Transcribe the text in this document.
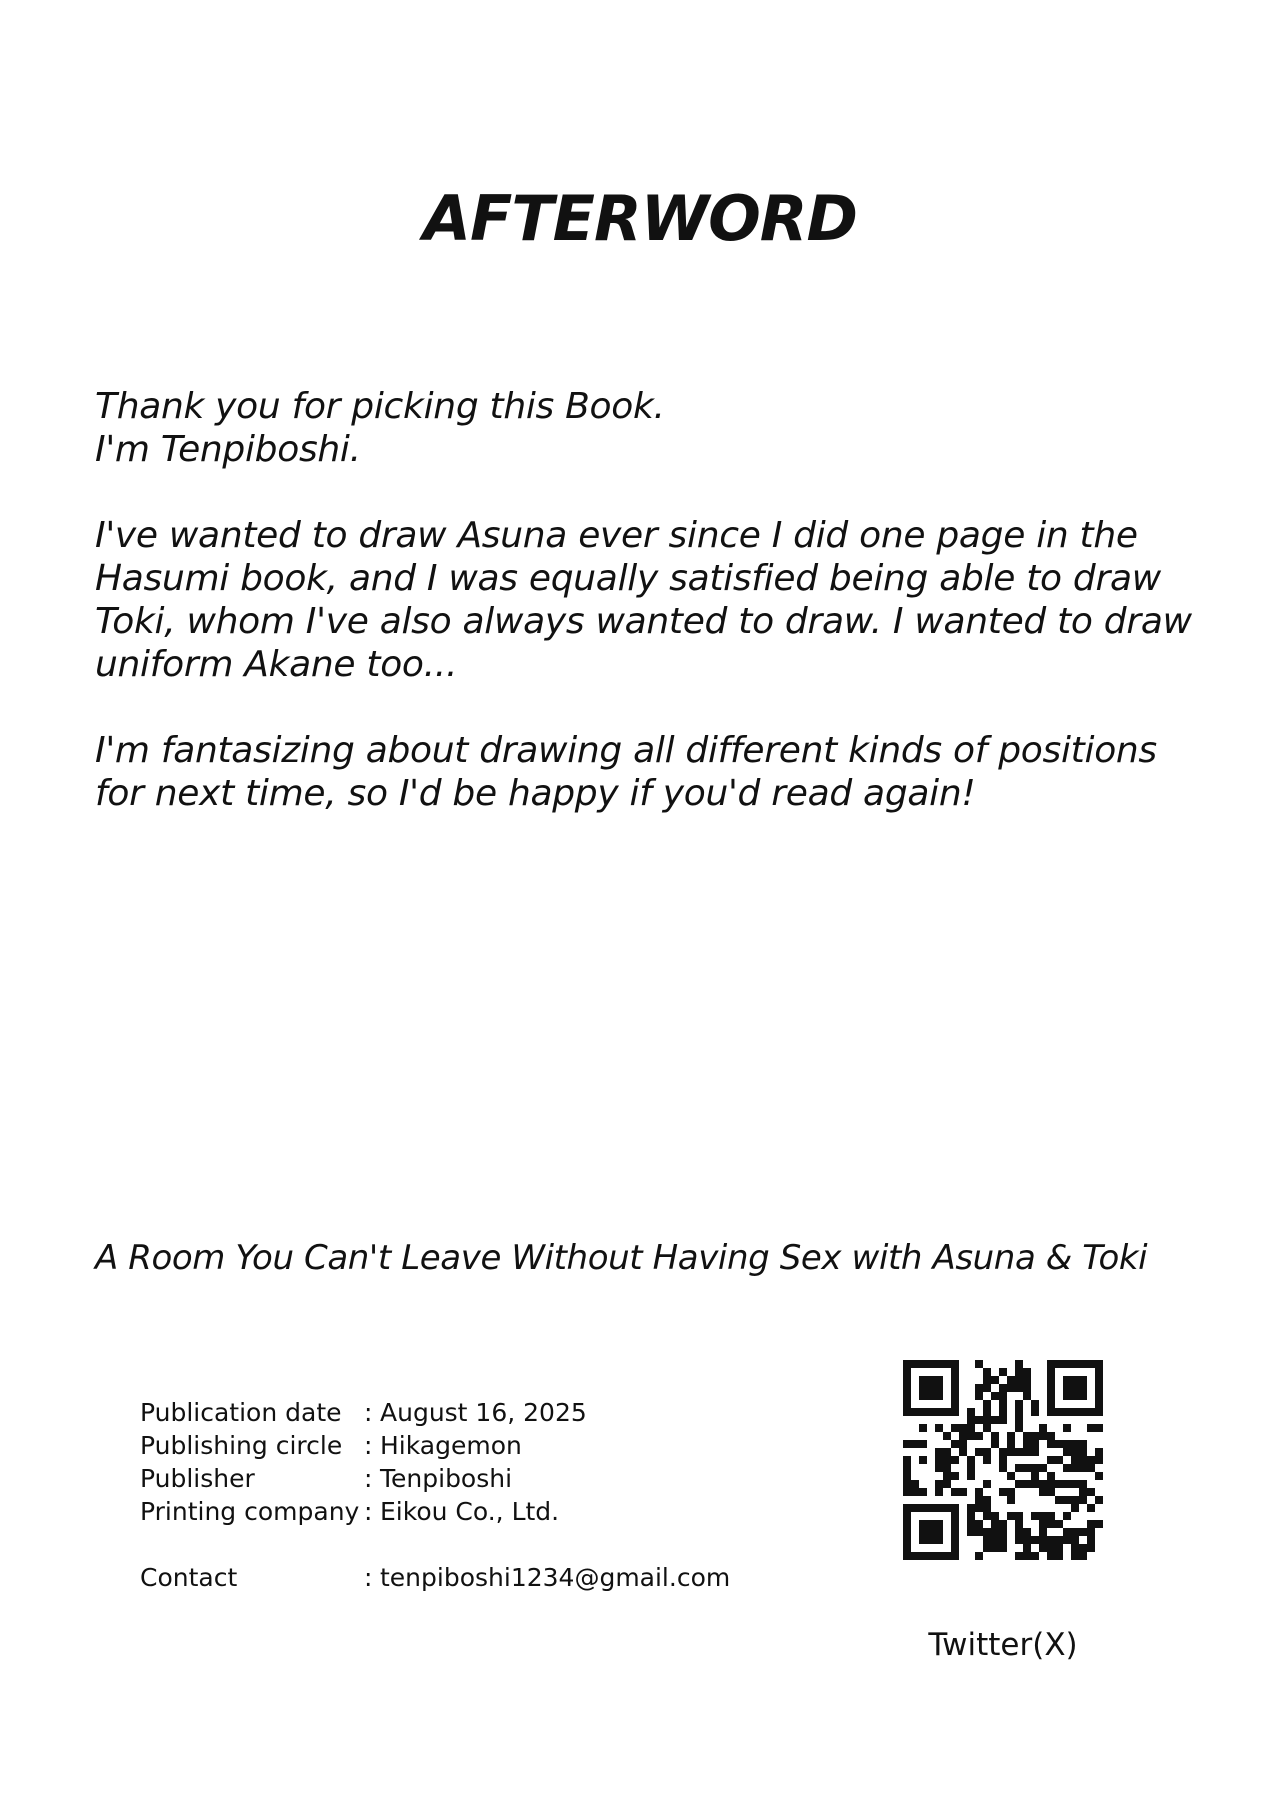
AFTERWORD

Thank you for picking this Book.
I'm Tenpiboshi.

I've wanted to draw Asuna ever since I did one page in the
Hasumi book, and I was equally satisfied being able to draw
Toki, whom I've also always wanted to draw. I wanted to draw
uniform Akane too...

I'm fantasizing about drawing all different kinds of positions
for next time, so I'd be happy if you'd read again!

A Room You Can't Leave Without Having Sex with Asuna & Toki
Publication date : August 16, 2025
Publishing circle : Hikagemon
Publisher	: Tenpiboshi
Printing company : Eikou Co., Ltd.
Contact	: tenpiboshi1234@gmail.com
Twitter(X)
